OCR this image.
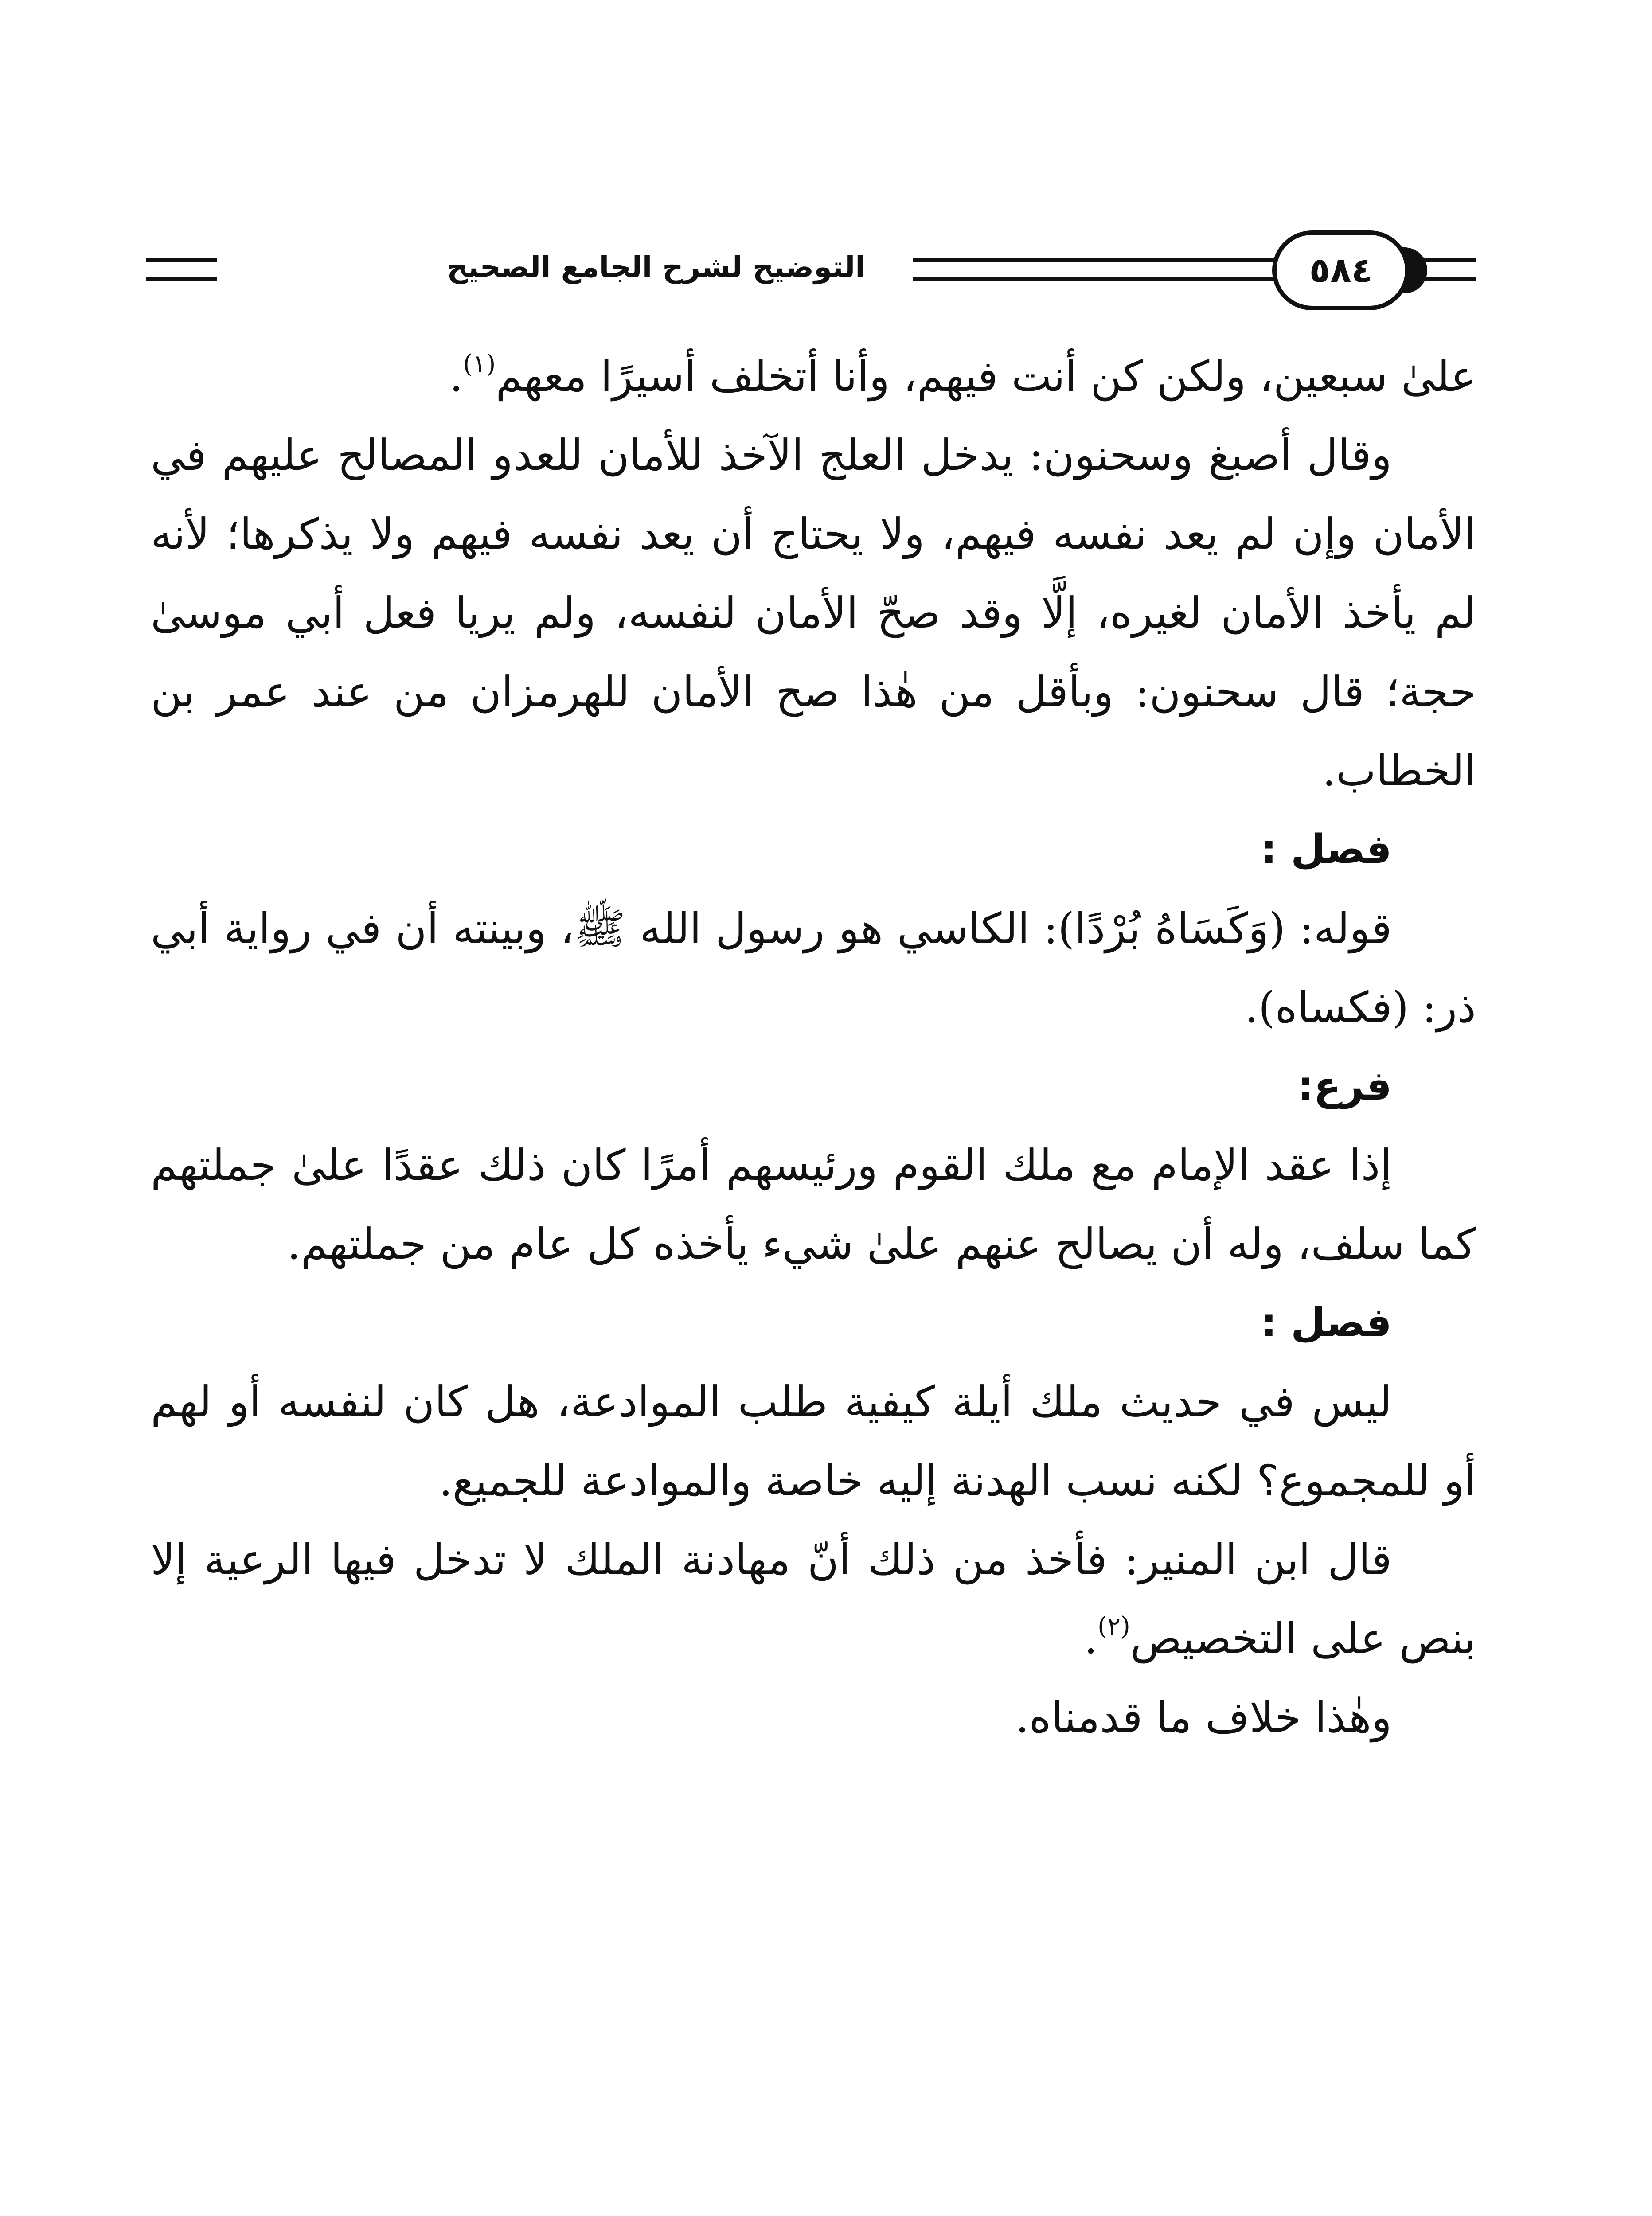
التوضيح لشرح الجامع الصحيح	٥٨٤

علىٰ سبعين، ولكن كن أنت فيهم، وأنا أتخلف أسيرًا معهم$^{(١)}$.

وقال أصبغ وسحنون: يدخل العلج الآخذ للأمان للعدو المصالح عليهم في الأمان وإن لم يعد نفسه فيهم، ولا يحتاج أن يعد نفسه فيهم ولا يذكرها؛ لأنه لم يأخذ الأمان لغيره، إلَّا وقد صحّ الأمان لنفسه، ولم يريا فعل أبي موسىٰ حجة؛ قال سحنون: وبأقل من هٰذا صح الأمان للهرمزان من عند عمر بن الخطاب.

فصل :

قوله: (وَكَسَاهُ بُرْدًا): الكاسي هو رسول الله ﷺ، وبينته أن في رواية أبي ذر: (فكساه).

فرع:

إذا عقد الإمام مع ملك القوم ورئيسهم أمرًا كان ذلك عقدًا علىٰ جملتهم كما سلف، وله أن يصالح عنهم علىٰ شيء يأخذه كل عام من جملتهم.

فصل :

ليس في حديث ملك أيلة كيفية طلب الموادعة، هل كان لنفسه أو لهم أو للمجموع؟ لكنه نسب الهدنة إليه خاصة والموادعة للجميع.

قال ابن المنير: فأخذ من ذلك أنّ مهادنة الملك لا تدخل فيها الرعية إلا بنص على التخصيص$^{(٢)}$.

وهٰذا خلاف ما قدمناه.
